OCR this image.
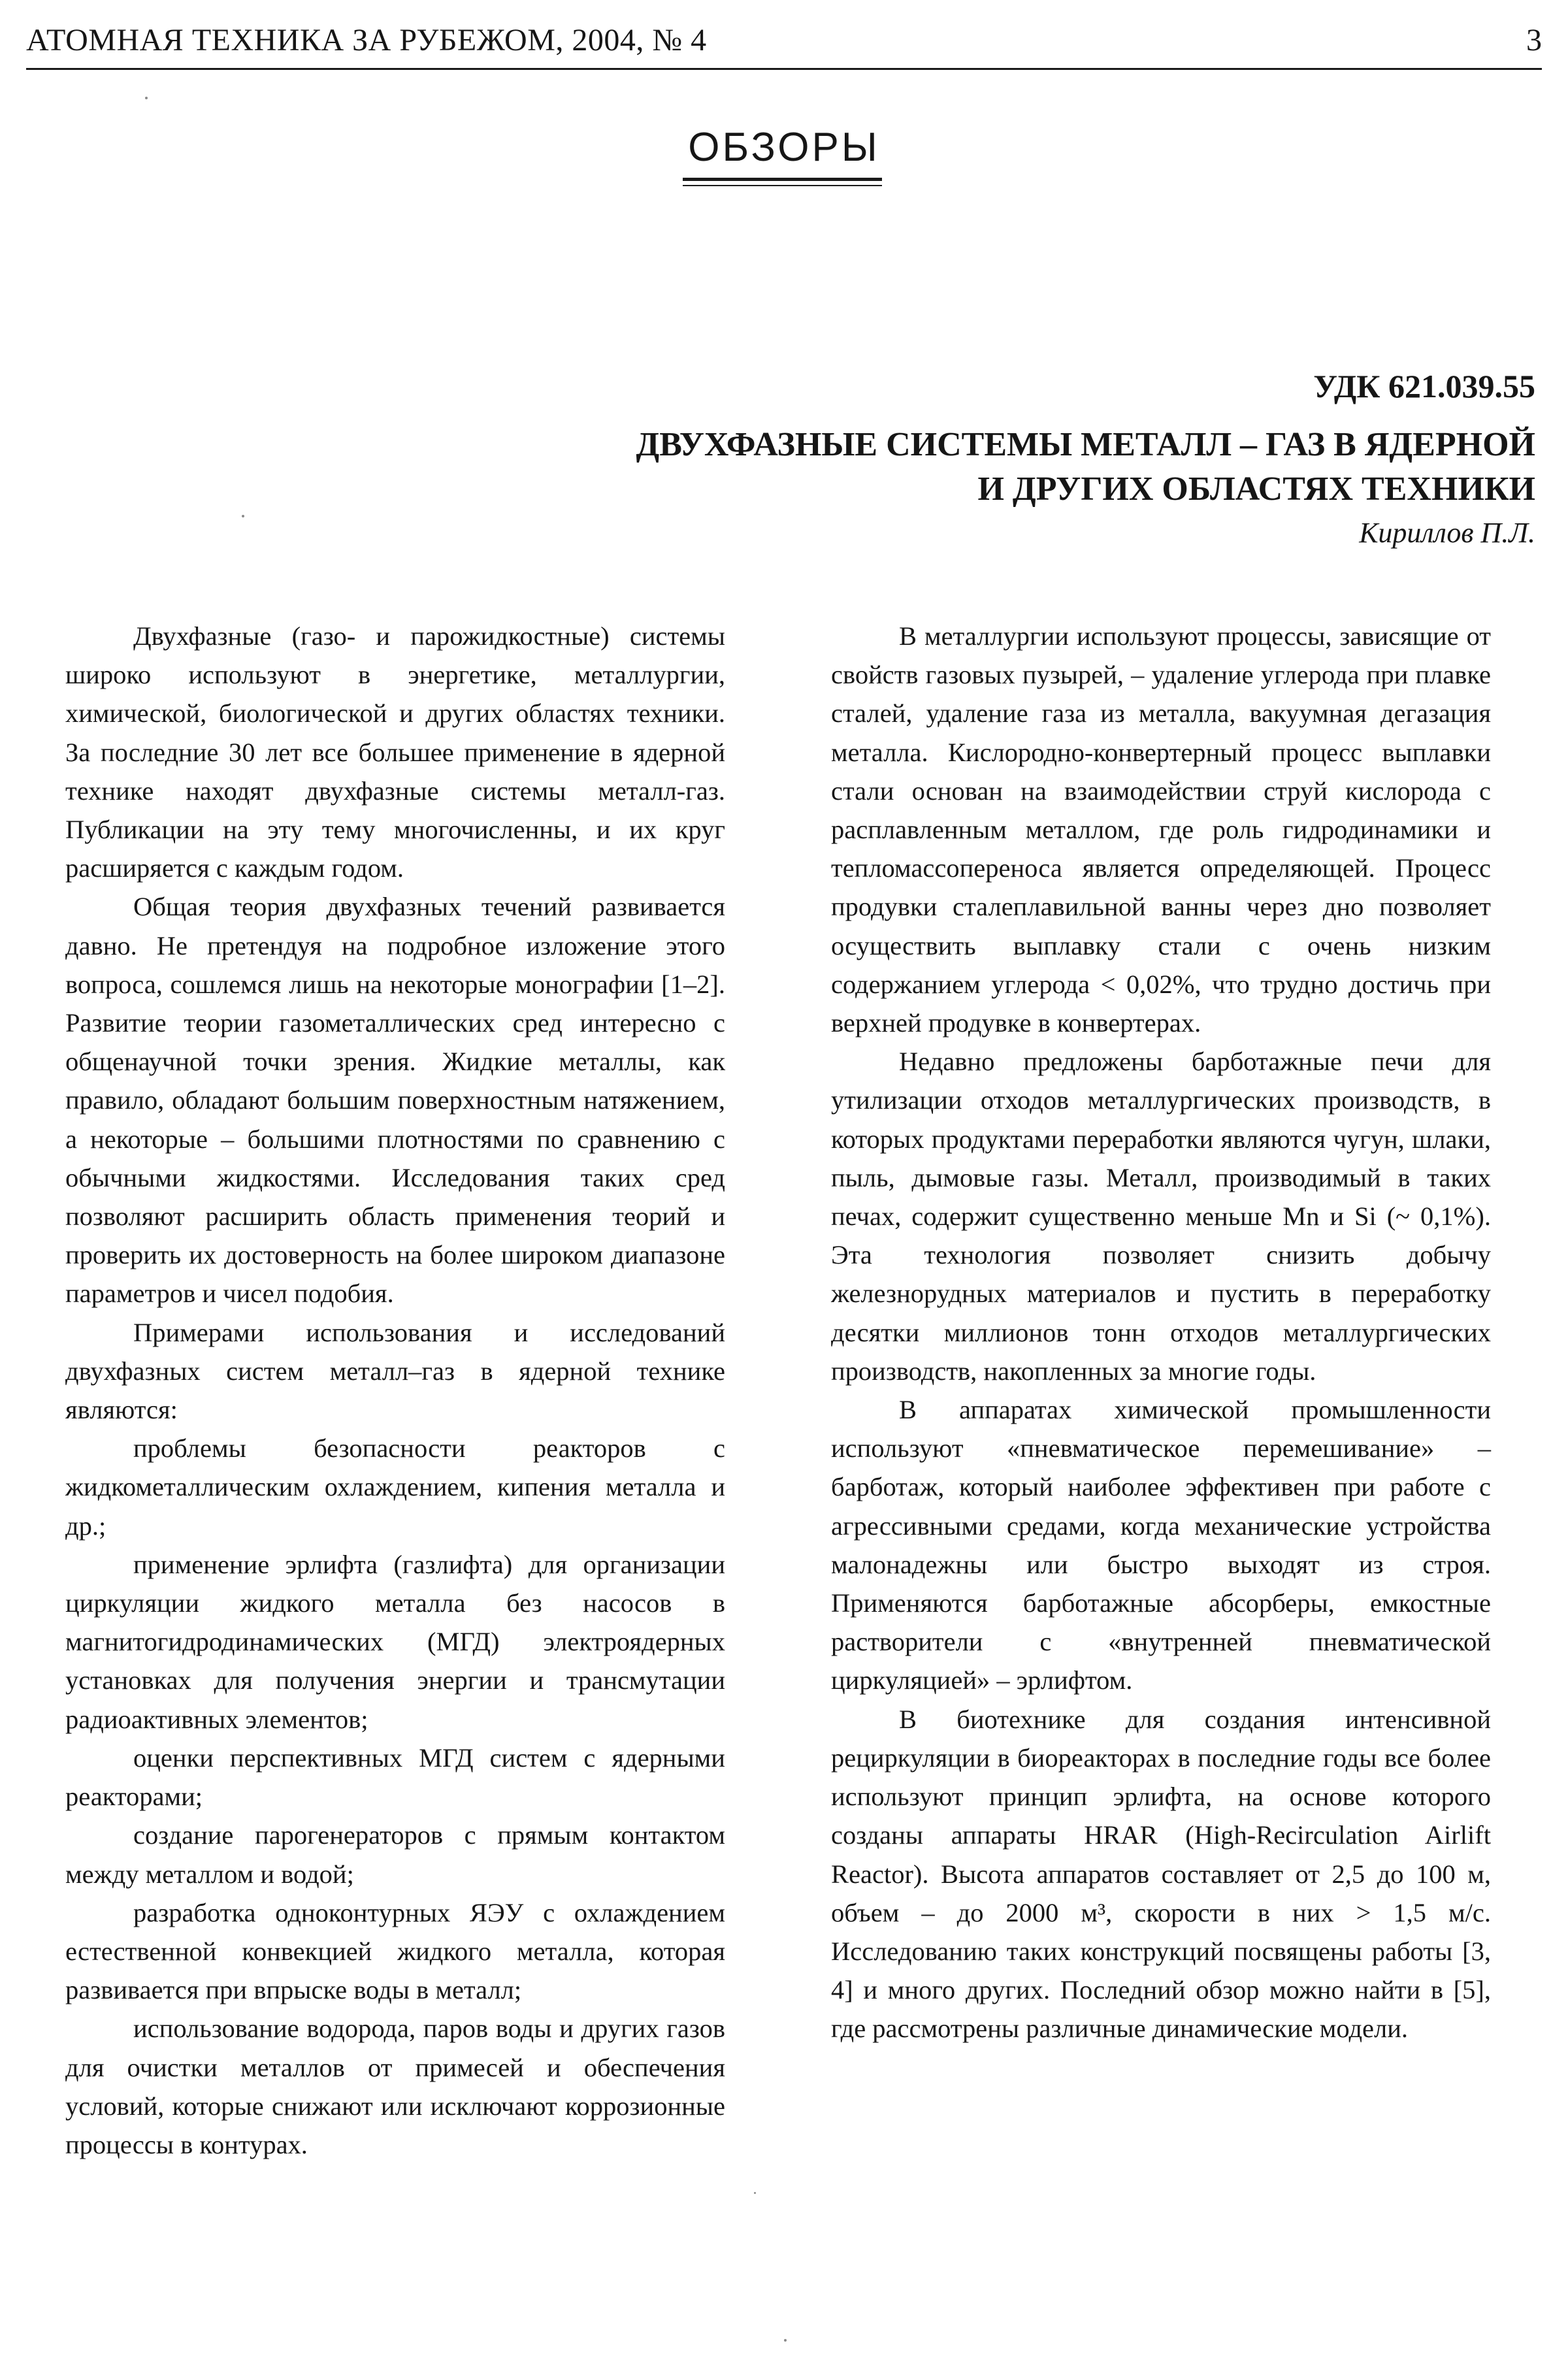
АТОМНАЯ ТЕХНИКА ЗА РУБЕЖОМ, 2004, № 4	3
ОБЗОРЫ
УДК 621.039.55
ДВУХФАЗНЫЕ СИСТЕМЫ МЕТАЛЛ – ГАЗ В ЯДЕРНОЙ
И ДРУГИХ ОБЛАСТЯХ ТЕХНИКИ
Кириллов П.Л.

Двухфазные (газо- и парожидкостные) системы широко используют в энергетике, металлургии, химической, биологической и других областях техники. За последние 30 лет все большее применение в ядерной технике находят двухфазные системы металл-газ. Публикации на эту тему многочисленны, и их круг расширяется с каждым годом.

Общая теория двухфазных течений развивается давно. Не претендуя на подробное изложение этого вопроса, сошлемся лишь на некоторые монографии [1–2]. Развитие теории газометаллических сред интересно с общенаучной точки зрения. Жидкие металлы, как правило, обладают большим поверхностным натяжением, а некоторые – большими плотностями по сравнению с обычными жидкостями. Исследования таких сред позволяют расширить область применения теорий и проверить их достоверность на более широком диапазоне параметров и чисел подобия.

Примерами использования и исследований двухфазных систем металл–газ в ядерной технике являются:

проблемы безопасности реакторов с жидкометаллическим охлаждением, кипения металла и др.;

применение эрлифта (газлифта) для организации циркуляции жидкого металла без насосов в магнитогидродинамических (МГД) электроядерных установках для получения энергии и трансмутации радиоактивных элементов;

оценки перспективных МГД систем с ядерными реакторами;

создание парогенераторов с прямым контактом между металлом и водой;

разработка одноконтурных ЯЭУ с охлаждением естественной конвекцией жидкого металла, которая развивается при впрыске воды в металл;

использование водорода, паров воды и других газов для очистки металлов от примесей и обеспечения условий, которые снижают или исключают коррозионные процессы в контурах.

В металлургии используют процессы, зависящие от свойств газовых пузырей, – удаление углерода при плавке сталей, удаление газа из металла, вакуумная дегазация металла. Кислородно-конвертерный процесс выплавки стали основан на взаимодействии струй кислорода с расплавленным металлом, где роль гидродинамики и тепломассопереноса является определяющей. Процесс продувки сталеплавильной ванны через дно позволяет осуществить выплавку стали с очень низким содержанием углерода < 0,02%, что трудно достичь при верхней продувке в конвертерах.

Недавно предложены барботажные печи для утилизации отходов металлургических производств, в которых продуктами переработки являются чугун, шлаки, пыль, дымовые газы. Металл, производимый в таких печах, содержит существенно меньше Mn и Si (~ 0,1%). Эта технология позволяет снизить добычу железнорудных материалов и пустить в переработку десятки миллионов тонн отходов металлургических производств, накопленных за многие годы.

В аппаратах химической промышленности используют «пневматическое перемешивание» – барботаж, который наиболее эффективен при работе с агрессивными средами, когда механические устройства малонадежны или быстро выходят из строя. Применяются барботажные абсорберы, емкостные растворители с «внутренней пневматической циркуляцией» – эрлифтом.

В биотехнике для создания интенсивной рециркуляции в биореакторах в последние годы все более используют принцип эрлифта, на основе которого созданы аппараты HRAR (High-Recirculation Airlift Reactor). Высота аппаратов составляет от 2,5 до 100 м, объем – до 2000 м³, скорости в них > 1,5 м/с. Исследованию таких конструкций посвящены работы [3, 4] и много других. Последний обзор можно найти в [5], где рассмотрены различные динамические модели.
